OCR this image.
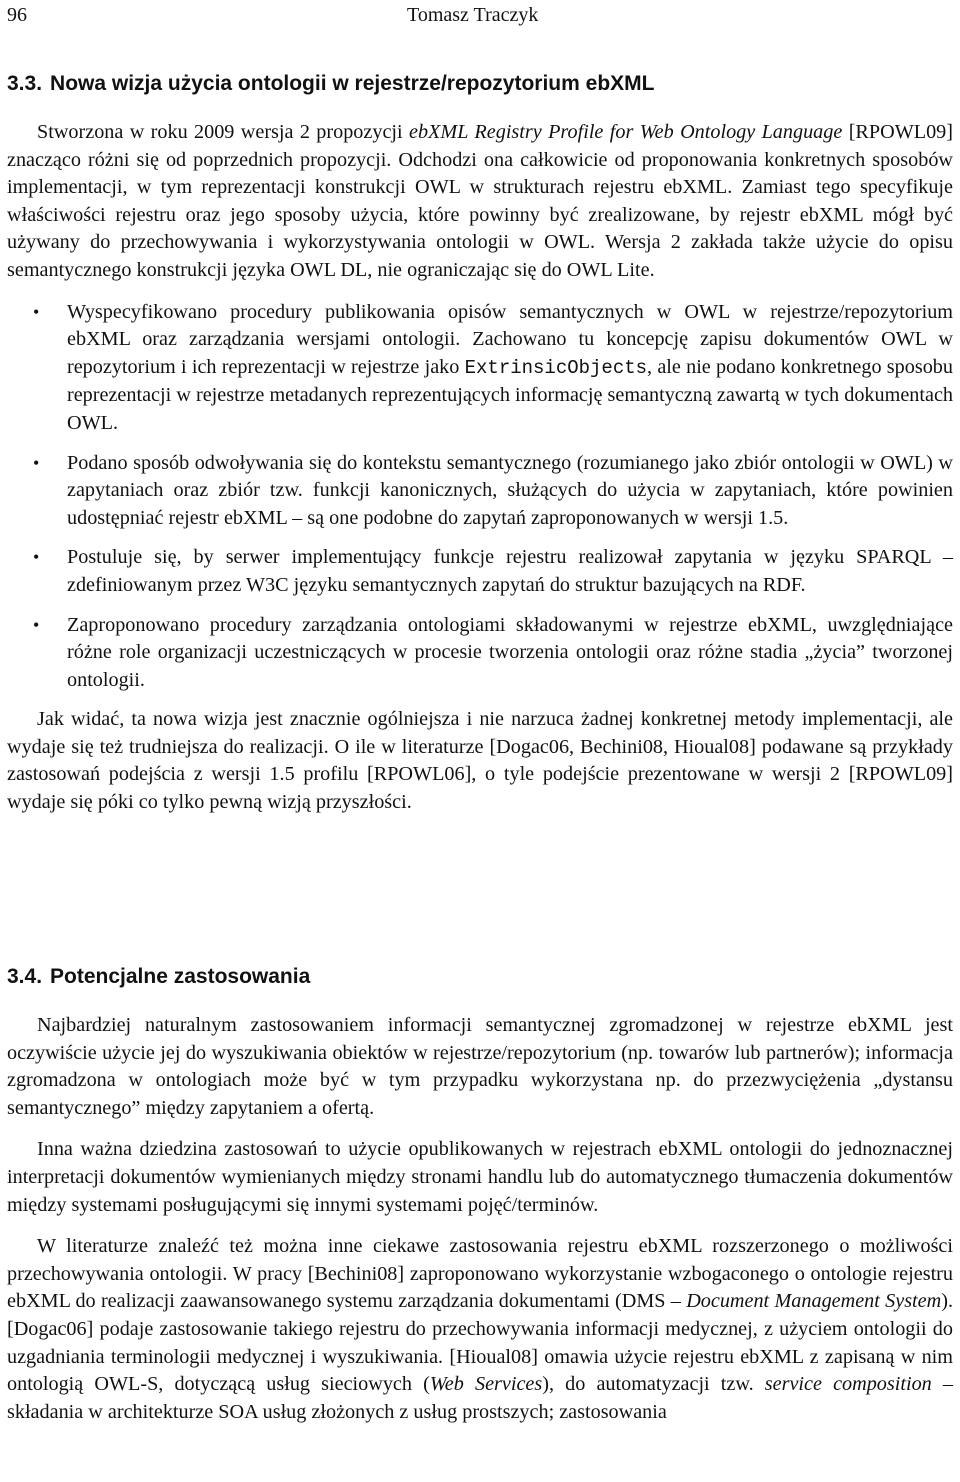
96	Tomasz Traczyk
3.3. Nowa wizja użycia ontologii w rejestrze/repozytorium ebXML

Stworzona w roku 2009 wersja 2 propozycji ebXML Registry Profile for Web Ontology Language [RPOWL09] znacząco różni się od poprzednich propozycji. Odchodzi ona całkowicie od proponowania konkretnych sposobów implementacji, w tym reprezentacji konstrukcji OWL w strukturach rejestru ebXML. Zamiast tego specyfikuje właściwości rejestru oraz jego sposoby użycia, które powinny być zrealizowane, by rejestr ebXML mógł być używany do przechowywania i wykorzystywania ontologii w OWL. Wersja 2 zakłada także użycie do opisu semantycznego konstrukcji języka OWL DL, nie ograniczając się do OWL Lite.

• Wyspecyfikowano procedury publikowania opisów semantycznych w OWL w rejestrze/repozytorium ebXML oraz zarządzania wersjami ontologii. Zachowano tu koncepcję zapisu dokumentów OWL w repozytorium i ich reprezentacji w rejestrze jako ExtrinsicObjects, ale nie podano konkretnego sposobu reprezentacji w rejestrze metadanych reprezentujących informację semantyczną zawartą w tych dokumentach OWL.
• Podano sposób odwoływania się do kontekstu semantycznego (rozumianego jako zbiór ontologii w OWL) w zapytaniach oraz zbiór tzw. funkcji kanonicznych, służących do użycia w zapytaniach, które powinien udostępniać rejestr ebXML – są one podobne do zapytań zaproponowanych w wersji 1.5.
• Postuluje się, by serwer implementujący funkcje rejestru realizował zapytania w języku SPARQL – zdefiniowanym przez W3C języku semantycznych zapytań do struktur bazujących na RDF.
• Zaproponowano procedury zarządzania ontologiami składowanymi w rejestrze ebXML, uwzględniające różne role organizacji uczestniczących w procesie tworzenia ontologii oraz różne stadia „życia” tworzonej ontologii.

Jak widać, ta nowa wizja jest znacznie ogólniejsza i nie narzuca żadnej konkretnej metody implementacji, ale wydaje się też trudniejsza do realizacji. O ile w literaturze [Dogac06, Bechini08, Hioual08] podawane są przykłady zastosowań podejścia z wersji 1.5 profilu [RPOWL06], o tyle podejście prezentowane w wersji 2 [RPOWL09] wydaje się póki co tylko pewną wizją przyszłości.

3.4. Potencjalne zastosowania

Najbardziej naturalnym zastosowaniem informacji semantycznej zgromadzonej w rejestrze ebXML jest oczywiście użycie jej do wyszukiwania obiektów w rejestrze/repozytorium (np. towarów lub partnerów); informacja zgromadzona w ontologiach może być w tym przypadku wykorzystana np. do przezwyciężenia „dystansu semantycznego” między zapytaniem a ofertą.

Inna ważna dziedzina zastosowań to użycie opublikowanych w rejestrach ebXML ontologii do jednoznacznej interpretacji dokumentów wymienianych między stronami handlu lub do automatycznego tłumaczenia dokumentów między systemami posługującymi się innymi systemami pojęć/terminów.

W literaturze znaleźć też można inne ciekawe zastosowania rejestru ebXML rozszerzonego o możliwości przechowywania ontologii. W pracy [Bechini08] zaproponowano wykorzystanie wzbogaconego o ontologie rejestru ebXML do realizacji zaawansowanego systemu zarządzania dokumentami (DMS – Document Management System). [Dogac06] podaje zastosowanie takiego rejestru do przechowywania informacji medycznej, z użyciem ontologii do uzgadniania terminologii medycznej i wyszukiwania. [Hioual08] omawia użycie rejestru ebXML z zapisaną w nim ontologią OWL-S, dotyczącą usług sieciowych (Web Services), do automatyzacji tzw. service composition – składania w architekturze SOA usług złożonych z usług prostszych; zastosowania
